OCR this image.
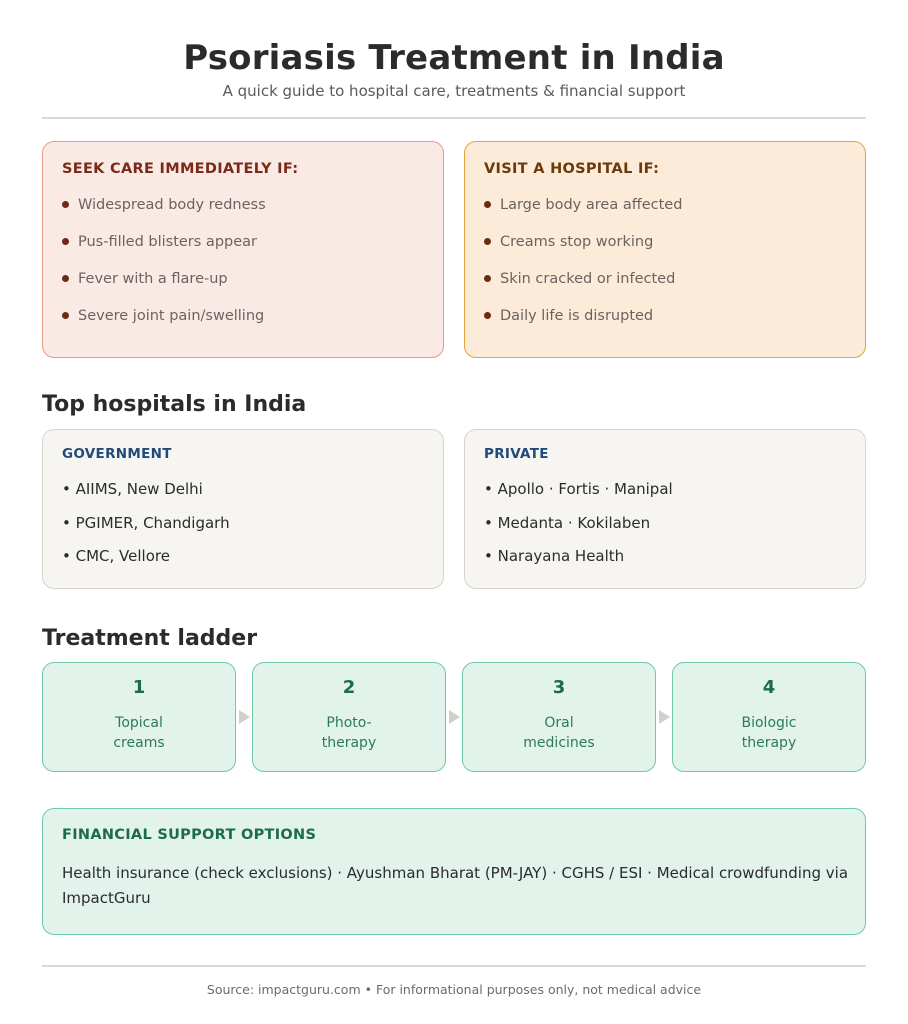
Psoriasis Treatment in India
A quick guide to hospital care, treatments & financial support
SEEK CARE IMMEDIATELY IF:
Widespread body redness
Pus-filled blisters appear
Fever with a flare-up
Severe joint pain/swelling
VISIT A HOSPITAL IF:
Large body area affected
Creams stop working
Skin cracked or infected
Daily life is disrupted
Top hospitals in India
GOVERNMENT
• AIIMS, New Delhi
• PGIMER, Chandigarh
• CMC, Vellore
PRIVATE
• Apollo · Fortis · Manipal
• Medanta · Kokilaben
• Narayana Health
Treatment ladder
1
Topical
creams
2
Photo-
therapy
3
Oral
medicines
4
Biologic
therapy
FINANCIAL SUPPORT OPTIONS
Health insurance (check exclusions) · Ayushman Bharat (PM-JAY) · CGHS / ESI · Medical crowdfunding via ImpactGuru
Source: impactguru.com • For informational purposes only, not medical advice
